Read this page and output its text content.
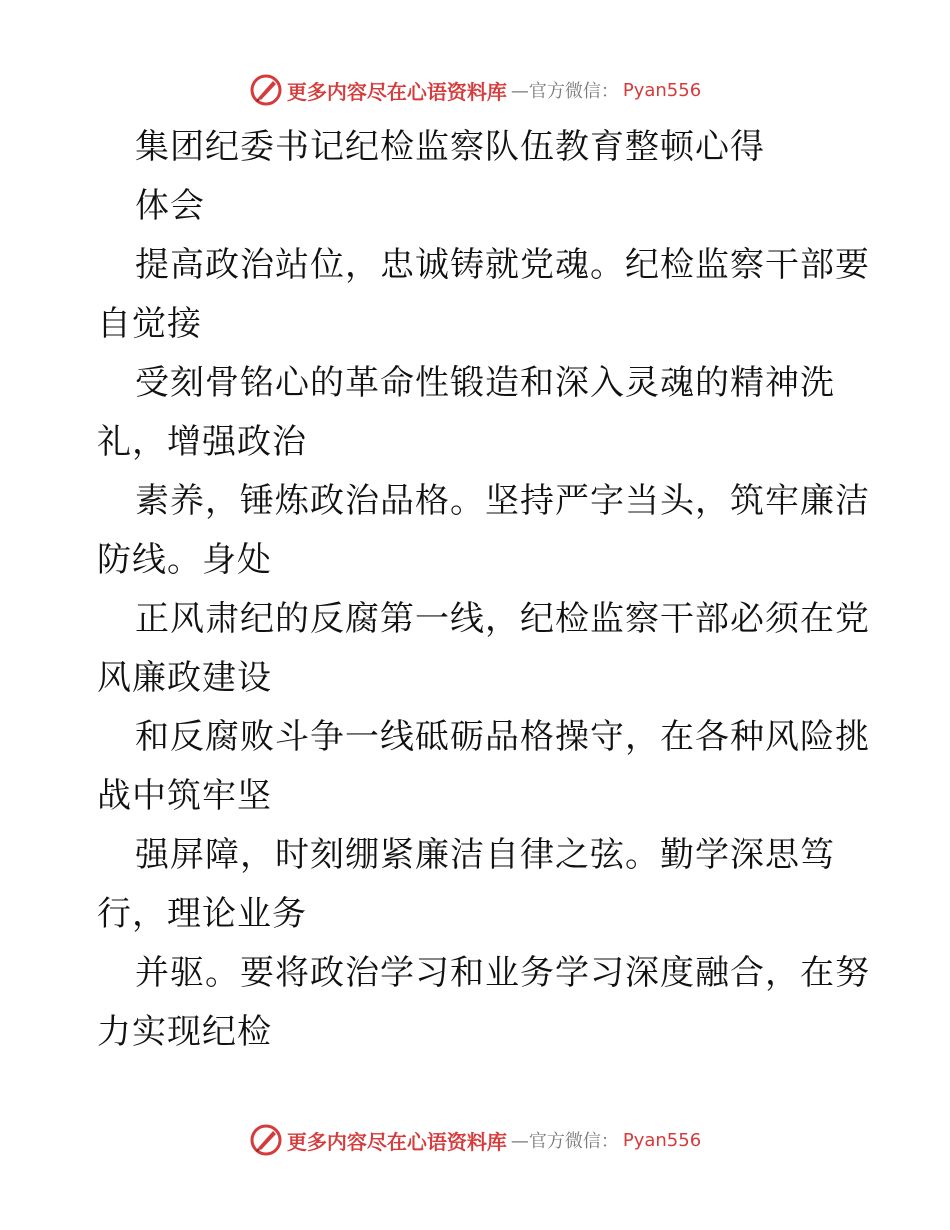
更多内容尽在心语资料库 —官方微信： Pyan556
集团纪委书记纪检监察队伍教育整顿心得
体会
提高政治站位，忠诚铸就党魂。纪检监察干部要
自觉接
受刻骨铭心的革命性锻造和深入灵魂的精神洗
礼，增强政治
素养，锤炼政治品格。坚持严字当头，筑牢廉洁
防线。身处
正风肃纪的反腐第一线，纪检监察干部必须在党
风廉政建设
和反腐败斗争一线砥砺品格操守，在各种风险挑
战中筑牢坚
强屏障，时刻绷紧廉洁自律之弦。勤学深思笃
行，理论业务
并驱。要将政治学习和业务学习深度融合，在努
力实现纪检
更多内容尽在心语资料库 —官方微信： Pyan556
